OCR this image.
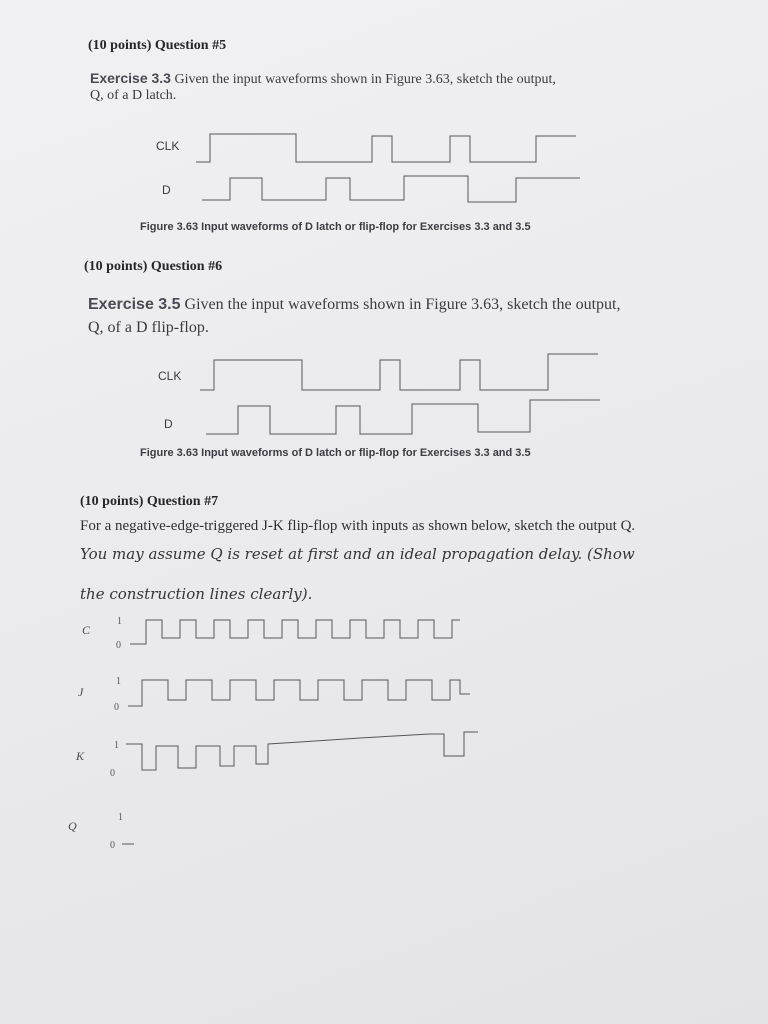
(10 points) Question #5
Exercise 3.3 Given the input waveforms shown in Figure 3.63, sketch the output,
Q, of a D latch.
CLK
D
Figure 3.63 Input waveforms of D latch or flip-flop for Exercises 3.3 and 3.5
(10 points) Question #6
Exercise 3.5 Given the input waveforms shown in Figure 3.63, sketch the output,
Q, of a D flip-flop.
CLK
D
Figure 3.63 Input waveforms of D latch or flip-flop for Exercises 3.3 and 3.5
(10 points) Question #7
For a negative-edge-triggered J-K flip-flop with inputs as shown below, sketch the output Q.
You may assume Q is reset at first and an ideal propagation delay. (Show
the construction lines clearly).
C
1
0
J
1
0
K
1
0
Q
1
0
